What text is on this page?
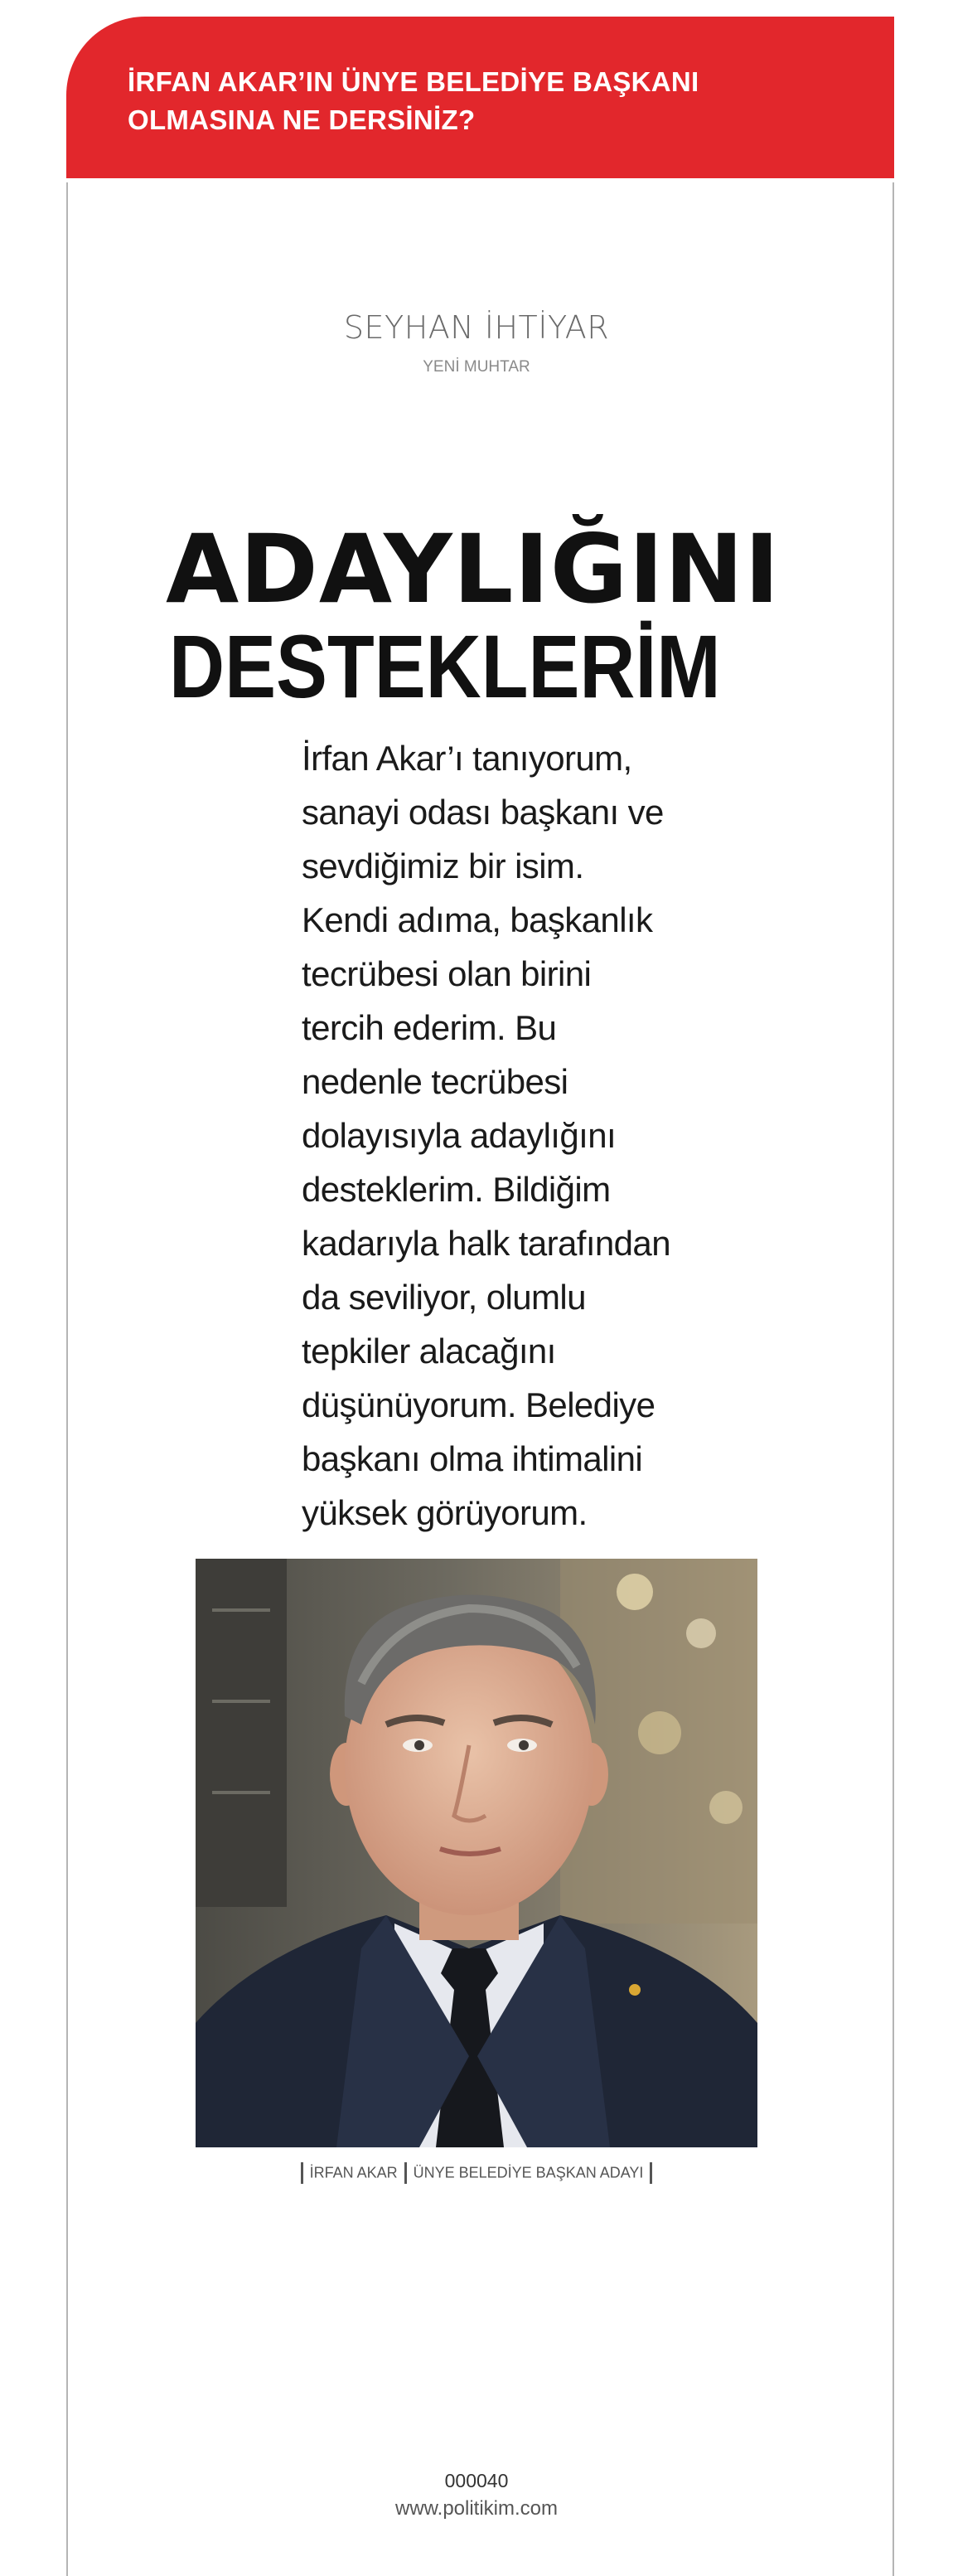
İRFAN AKAR’IN ÜNYE BELEDİYE BAŞKANI
OLMASINA NE DERSİNİZ?
SEYHAN İHTİYAR
YENİ MUHTAR
ADAYLIĞINI
DESTEKLERİM
İrfan Akar’ı tanıyorum,
sanayi odası başkanı ve
sevdiğimiz bir isim.
Kendi adıma, başkanlık
tecrübesi olan birini
tercih ederim. Bu
nedenle tecrübesi
dolayısıyla adaylığını
desteklerim. Bildiğim
kadarıyla halk tarafından
da seviliyor, olumlu
tepkiler alacağını
düşünüyorum. Belediye
başkanı olma ihtimalini
yüksek görüyorum.
İRFAN AKAR ÜNYE BELEDİYE BAŞKAN ADAYI
000040
www.politikim.com
